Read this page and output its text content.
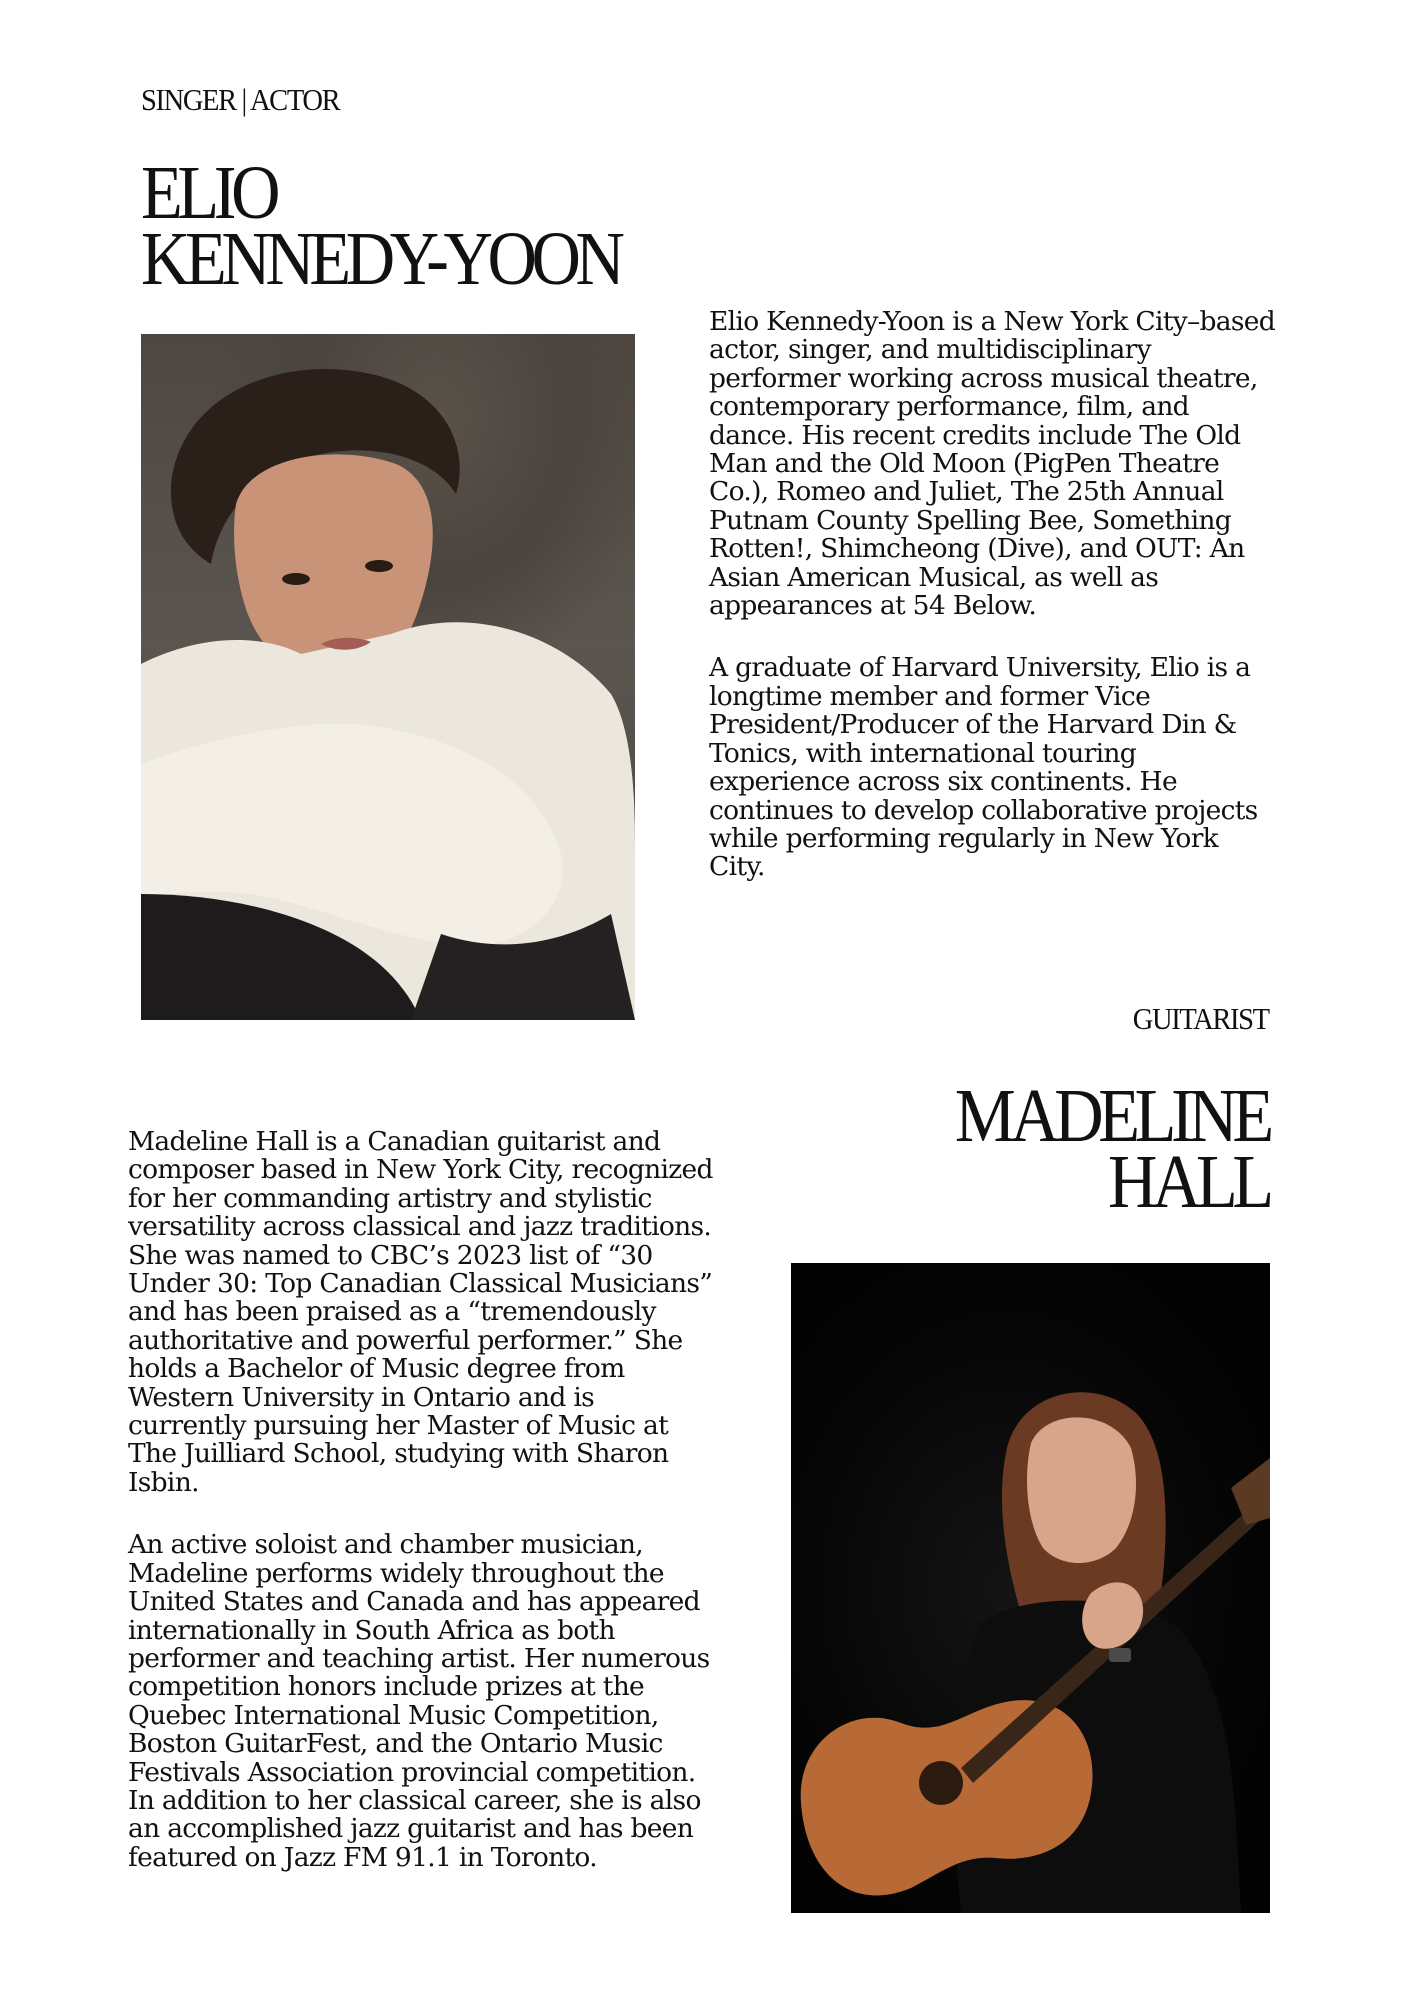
SINGER | ACTOR
ELIO
KENNEDY-YOON

Elio Kennedy-Yoon is a New York City–based actor, singer, and multidisciplinary performer working across musical theatre, contemporary performance, film, and dance. His recent credits include The Old Man and the Old Moon (PigPen Theatre Co.), Romeo and Juliet, The 25th Annual Putnam County Spelling Bee, Something Rotten!, Shimcheong (Dive), and OUT: An Asian American Musical, as well as appearances at 54 Below.

A graduate of Harvard University, Elio is a longtime member and former Vice President/Producer of the Harvard Din & Tonics, with international touring experience across six continents. He continues to develop collaborative projects while performing regularly in New York City.

GUITARIST
MADELINE
HALL

Madeline Hall is a Canadian guitarist and composer based in New York City, recognized for her commanding artistry and stylistic versatility across classical and jazz traditions. She was named to CBC’s 2023 list of “30 Under 30: Top Canadian Classical Musicians” and has been praised as a “tremendously authoritative and powerful performer.” She holds a Bachelor of Music degree from Western University in Ontario and is currently pursuing her Master of Music at The Juilliard School, studying with Sharon Isbin.

An active soloist and chamber musician, Madeline performs widely throughout the United States and Canada and has appeared internationally in South Africa as both performer and teaching artist. Her numerous competition honors include prizes at the Quebec International Music Competition, Boston GuitarFest, and the Ontario Music Festivals Association provincial competition. In addition to her classical career, she is also an accomplished jazz guitarist and has been featured on Jazz FM 91.1 in Toronto.
